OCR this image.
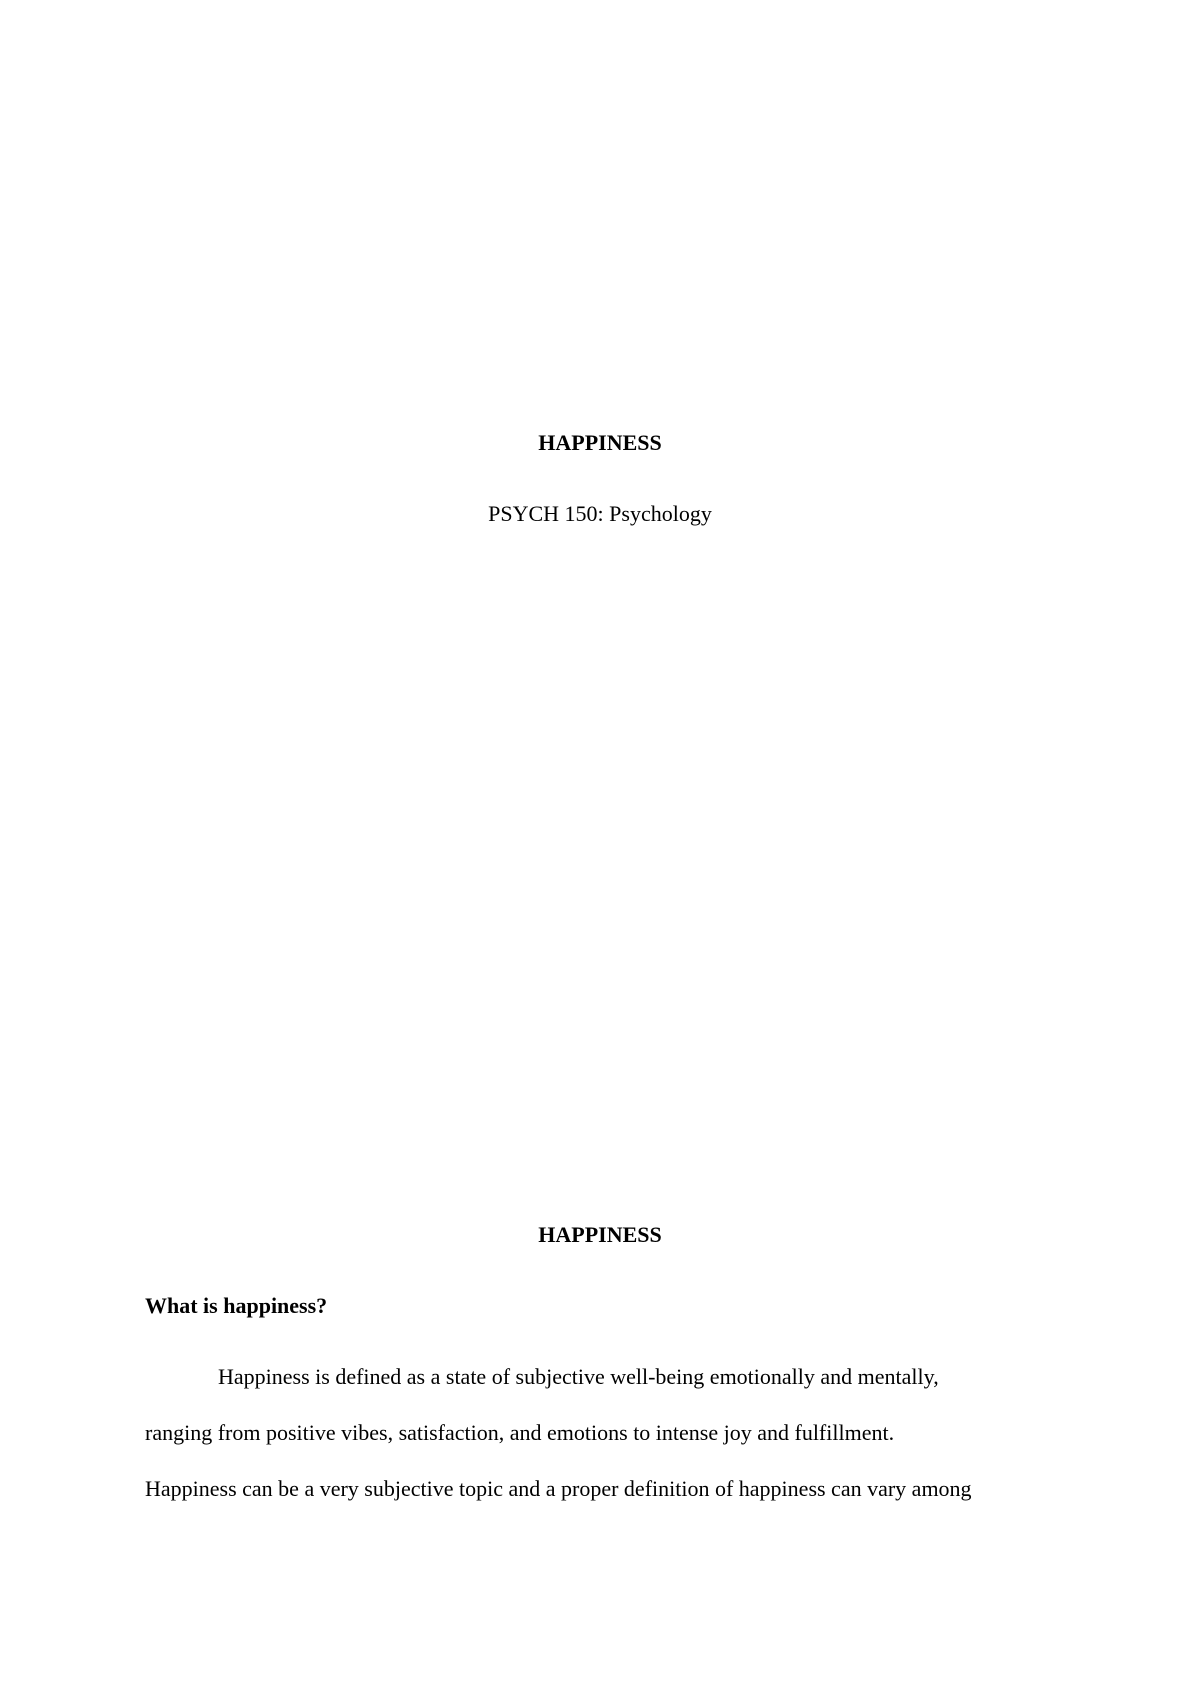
HAPPINESS
PSYCH 150: Psychology
HAPPINESS
What is happiness?
Happiness is defined as a state of subjective well-being emotionally and mentally,
ranging from positive vibes, satisfaction, and emotions to intense joy and fulfillment.
Happiness can be a very subjective topic and a proper definition of happiness can vary among
